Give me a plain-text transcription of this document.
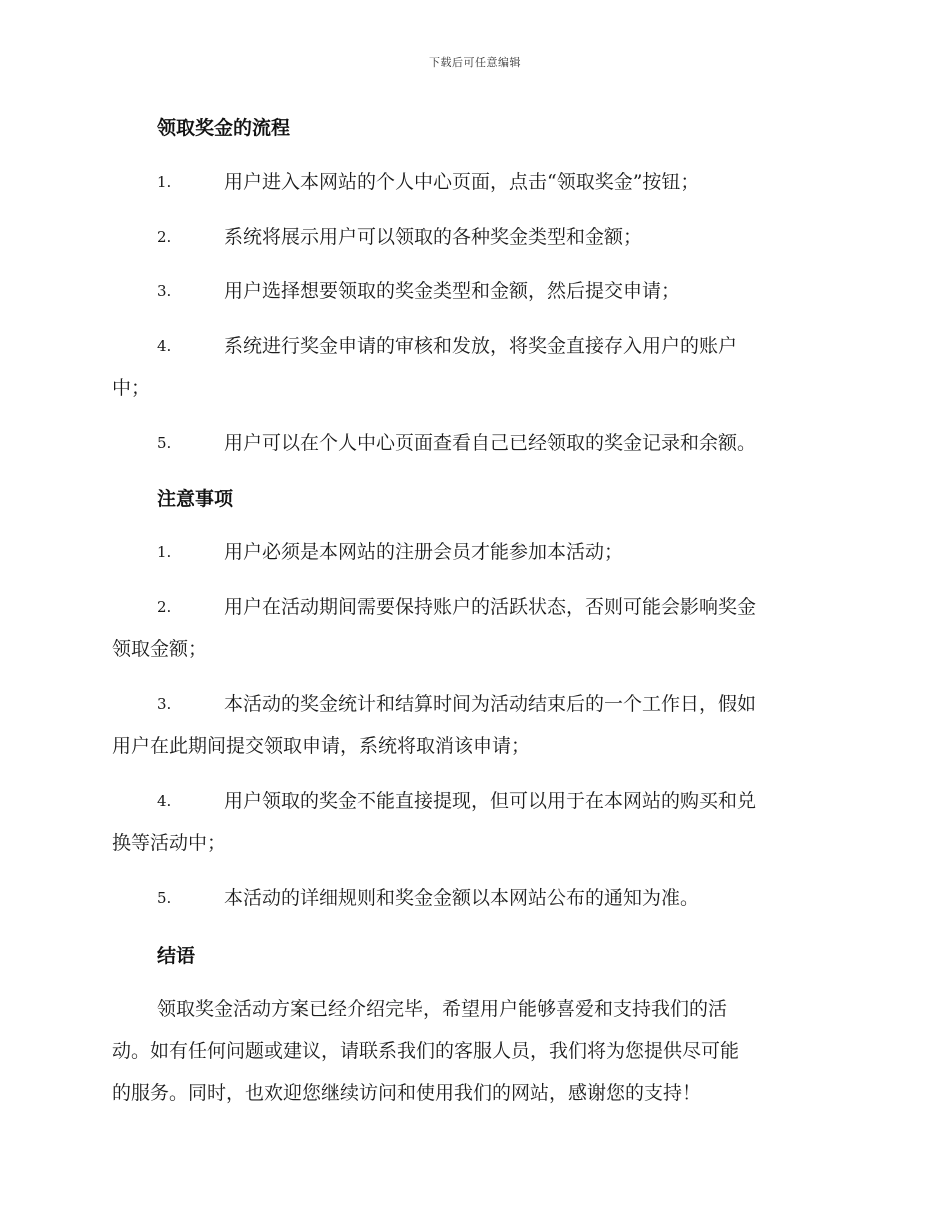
下载后可任意编辑
领取奖金的流程
1.	用户进入本网站的个人中心页面，点击“领取奖金”按钮；
2.	系统将展示用户可以领取的各种奖金类型和金额；
3.	用户选择想要领取的奖金类型和金额，然后提交申请；
4.	系统进行奖金申请的审核和发放，将奖金直接存入用户的账户
中；
5.	用户可以在个人中心页面查看自己已经领取的奖金记录和余额。
注意事项
1.	用户必须是本网站的注册会员才能参加本活动；
2.	用户在活动期间需要保持账户的活跃状态，否则可能会影响奖金
领取金额；
3.	本活动的奖金统计和结算时间为活动结束后的一个工作日，假如
用户在此期间提交领取申请，系统将取消该申请；
4.	用户领取的奖金不能直接提现，但可以用于在本网站的购买和兑
换等活动中；
5.	本活动的详细规则和奖金金额以本网站公布的通知为准。
结语
领取奖金活动方案已经介绍完毕，希望用户能够喜爱和支持我们的活
动。如有任何问题或建议，请联系我们的客服人员，我们将为您提供尽可能
的服务。同时，也欢迎您继续访问和使用我们的网站，感谢您的支持！
